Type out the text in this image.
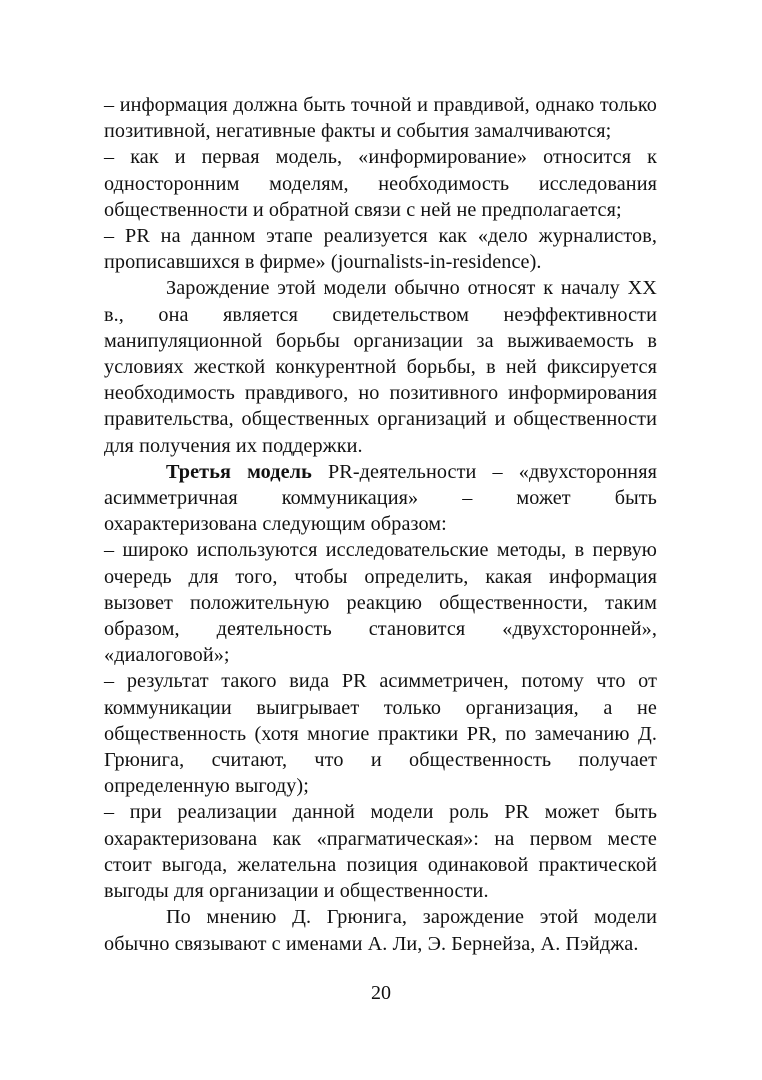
– информация должна быть точной и правдивой, однако только позитивной, негативные факты и события замалчиваются;

– как и первая модель, «информирование» относится к односторонним моделям, необходимость исследования общественности и обратной связи с ней не предполагается;

– PR на данном этапе реализуется как «дело журналистов, прописавшихся в фирме» (journalists-in-residence).

Зарождение этой модели обычно относят к началу XX в., она является свидетельством неэффективности манипуляционной борьбы организации за выживаемость в условиях жесткой конкурентной борьбы, в ней фиксируется необходимость правдивого, но позитивного информирования правительства, общественных организаций и общественности для получения их поддержки.

Третья модель PR-деятельности – «двухсторонняя асимметричная коммуникация» – может быть охарактеризована следующим образом:

– широко используются исследовательские методы, в первую очередь для того, чтобы определить, какая информация вызовет положительную реакцию общественности, таким образом, деятельность становится «двухсторонней», «диалоговой»;

– результат такого вида PR асимметричен, потому что от коммуникации выигрывает только организация, а не общественность (хотя многие практики PR, по замечанию Д. Грюнига, считают, что и общественность получает определенную выгоду);

– при реализации данной модели роль PR может быть охарактеризована как «прагматическая»: на первом месте стоит выгода, желательна позиция одинаковой практической выгоды для организации и общественности.

По мнению Д. Грюнига, зарождение этой модели обычно связывают с именами А. Ли, Э. Бернейза, А. Пэйджа.

20
